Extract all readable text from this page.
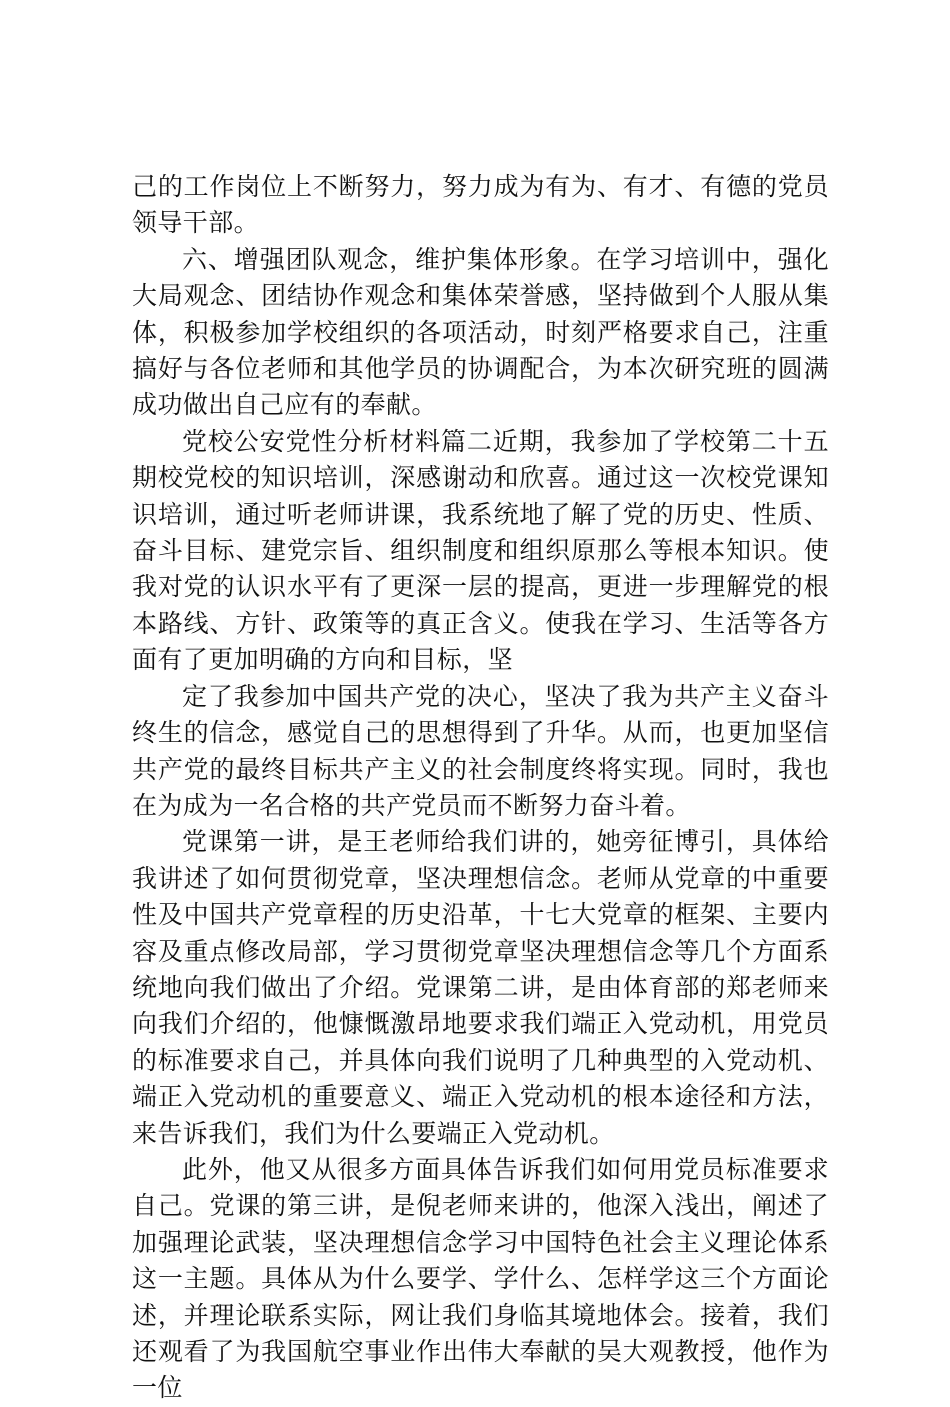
己的工作岗位上不断努力，努力成为有为、有才、有德的党员领导干部。

六、增强团队观念，维护集体形象。在学习培训中，强化大局观念、团结协作观念和集体荣誉感，坚持做到个人服从集体，积极参加学校组织的各项活动，时刻严格要求自己，注重搞好与各位老师和其他学员的协调配合，为本次研究班的圆满成功做出自己应有的奉献。

党校公安党性分析材料篇二近期，我参加了学校第二十五期校党校的知识培训，深感谢动和欣喜。通过这一次校党课知识培训，通过听老师讲课，我系统地了解了党的历史、性质、奋斗目标、建党宗旨、组织制度和组织原那么等根本知识。使我对党的认识水平有了更深一层的提高，更进一步理解党的根本路线、方针、政策等的真正含义。使我在学习、生活等各方面有了更加明确的方向和目标，坚

定了我参加中国共产党的决心，坚决了我为共产主义奋斗终生的信念，感觉自己的思想得到了升华。从而，也更加坚信共产党的最终目标共产主义的社会制度终将实现。同时，我也在为成为一名合格的共产党员而不断努力奋斗着。

党课第一讲，是王老师给我们讲的，她旁征博引，具体给我讲述了如何贯彻党章，坚决理想信念。老师从党章的中重要性及中国共产党章程的历史沿革，十七大党章的框架、主要内容及重点修改局部，学习贯彻党章坚决理想信念等几个方面系统地向我们做出了介绍。党课第二讲，是由体育部的郑老师来向我们介绍的，他慷慨激昂地要求我们端正入党动机，用党员的标准要求自己，并具体向我们说明了几种典型的入党动机、端正入党动机的重要意义、端正入党动机的根本途径和方法，来告诉我们，我们为什么要端正入党动机。

此外，他又从很多方面具体告诉我们如何用党员标准要求自己。党课的第三讲，是倪老师来讲的，他深入浅出，阐述了加强理论武装，坚决理想信念学习中国特色社会主义理论体系这一主题。具体从为什么要学、学什么、怎样学这三个方面论述，并理论联系实际，网让我们身临其境地体会。接着，我们还观看了为我国航空事业作出伟大奉献的吴大观教授，他作为一位
